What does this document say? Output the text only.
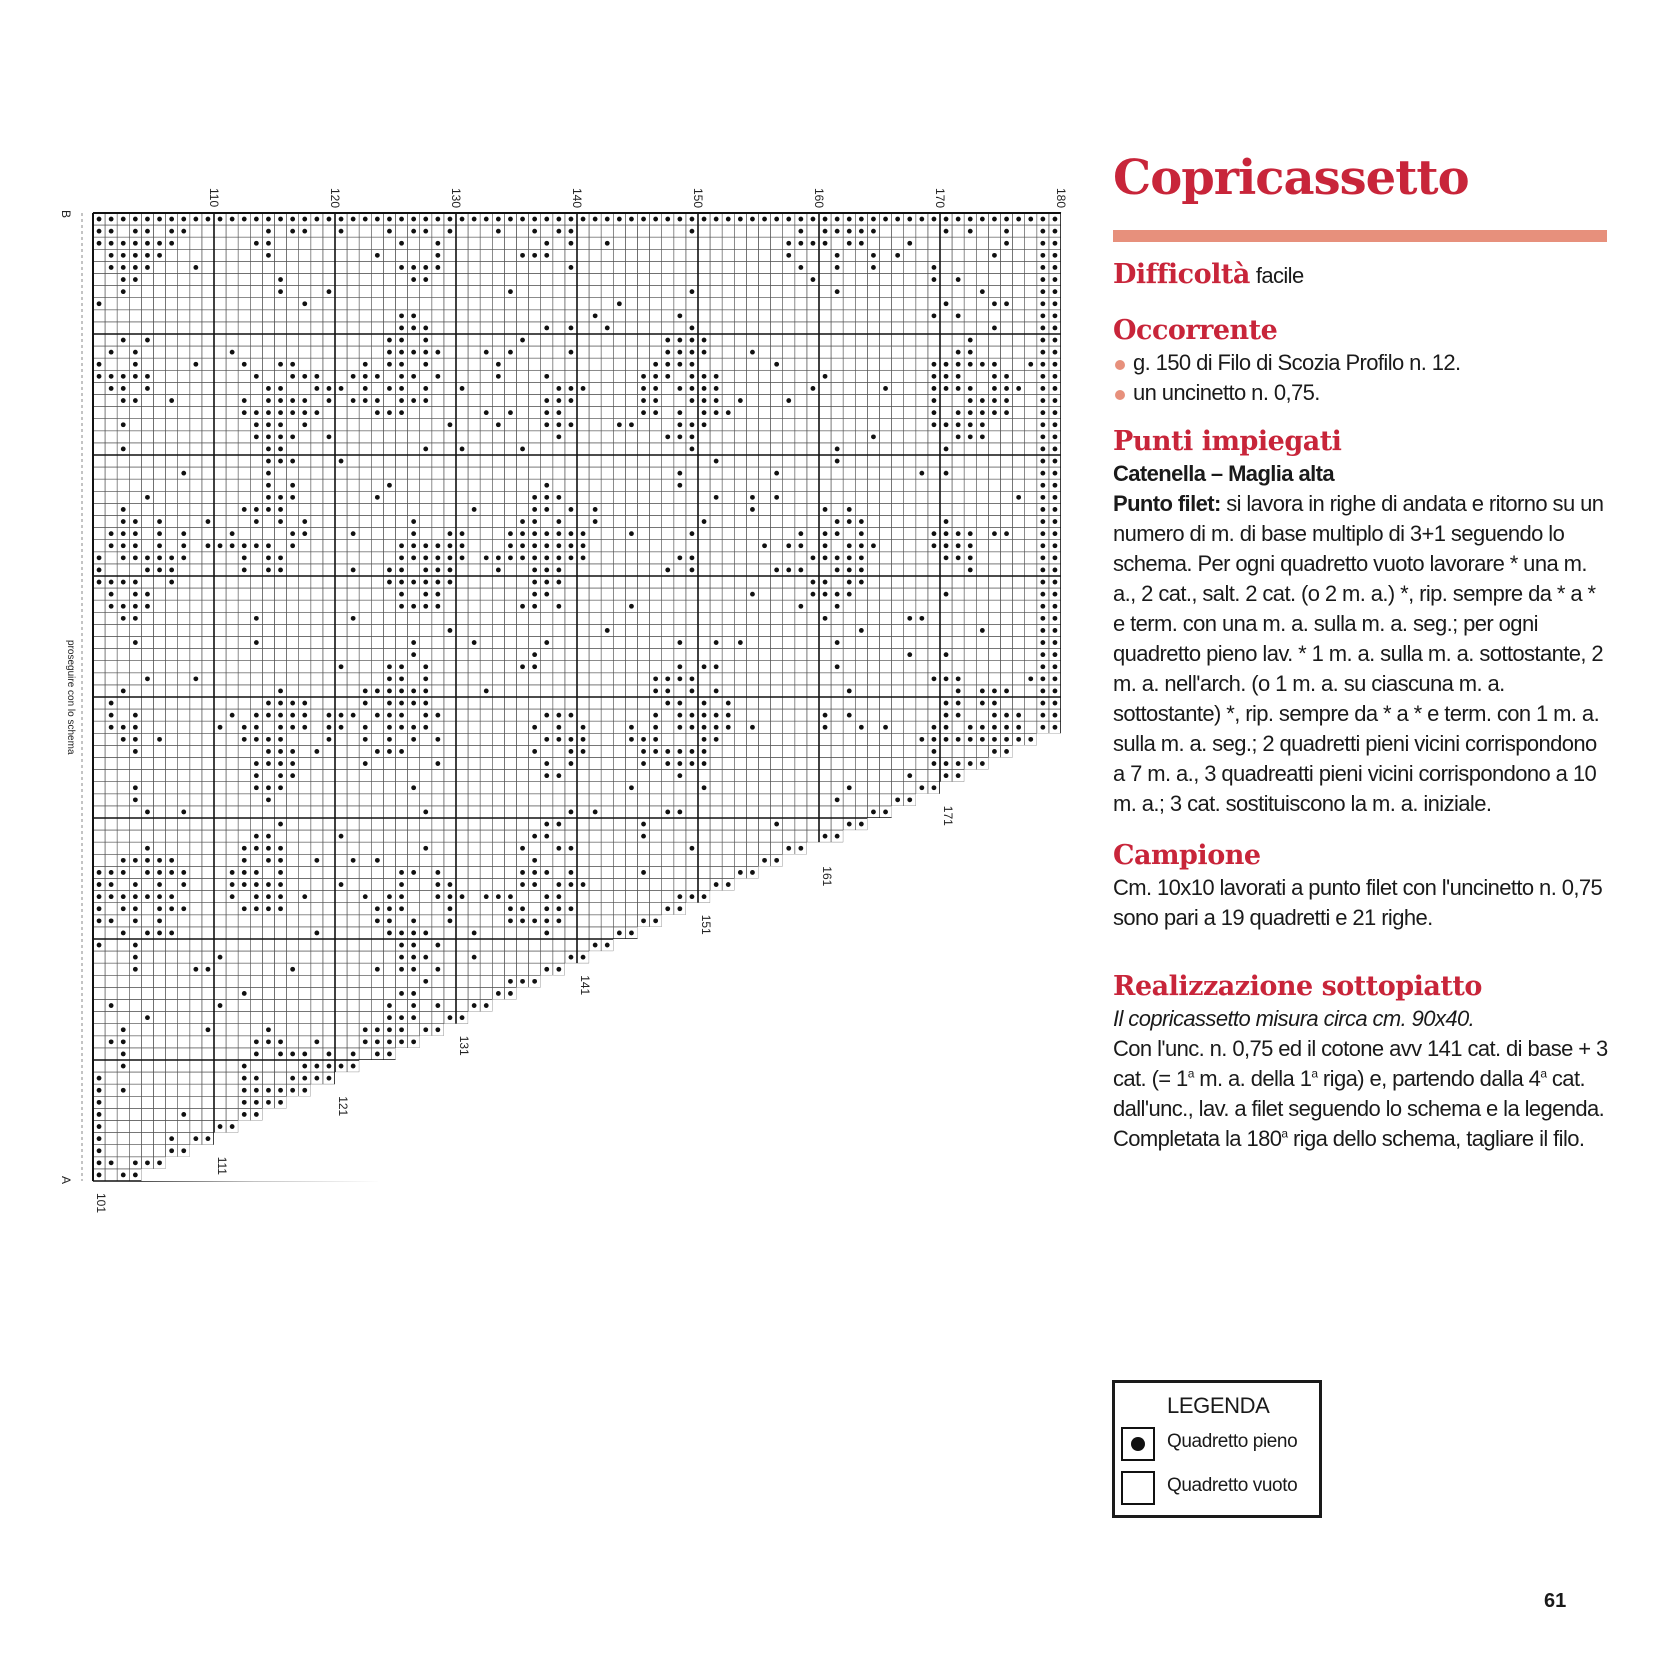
110	120	130	140	150	160	170	180
101
111
121
131
141
151
161
171
B
A
proseguire con lo schema
Copricassetto
Difficoltà facile
Occorrente
g. 150 di Filo di Scozia Profilo n. 12.
un uncinetto n. 0,75.
Punti impiegati
Catenella – Maglia alta
Punto filet: si lavora in righe di andata e ritorno su un numero di m. di base multiplo di 3+1 seguendo lo schema. Per ogni quadretto vuoto lavorare * una m. a., 2 cat., salt. 2 cat. (o 2 m. a.) *, rip. sempre da * a * e term. con una m. a. sulla m. a. seg.; per ogni quadretto pieno lav. * 1 m. a. sulla m. a. sottostante, 2 m. a. nell'arch. (o 1 m. a. su ciascuna m. a. sottostante) *, rip. sempre da * a * e term. con 1 m. a. sulla m. a. seg.; 2 quadretti pieni vicini corrispondono a 7 m. a., 3 quadreatti pieni vicini corrispondono a 10 m. a.; 3 cat. sostituiscono la m. a. iniziale.
Campione
Cm. 10x10 lavorati a punto filet con l'uncinetto n. 0,75 sono pari a 19 quadretti e 21 righe.
Realizzazione sottopiatto
Il copricassetto misura circa cm. 90x40.
Con l'unc. n. 0,75 ed il cotone avv 141 cat. di base + 3 cat. (= $1^a$ m. a. della 1$^a$ riga) e, partendo dalla 4$^a$ cat. dall'unc., lav. a filet seguendo lo schema e la legenda. Completata la 180$^a$ riga dello schema, tagliare il filo.
LEGENDA
Quadretto pieno
Quadretto vuoto
61
